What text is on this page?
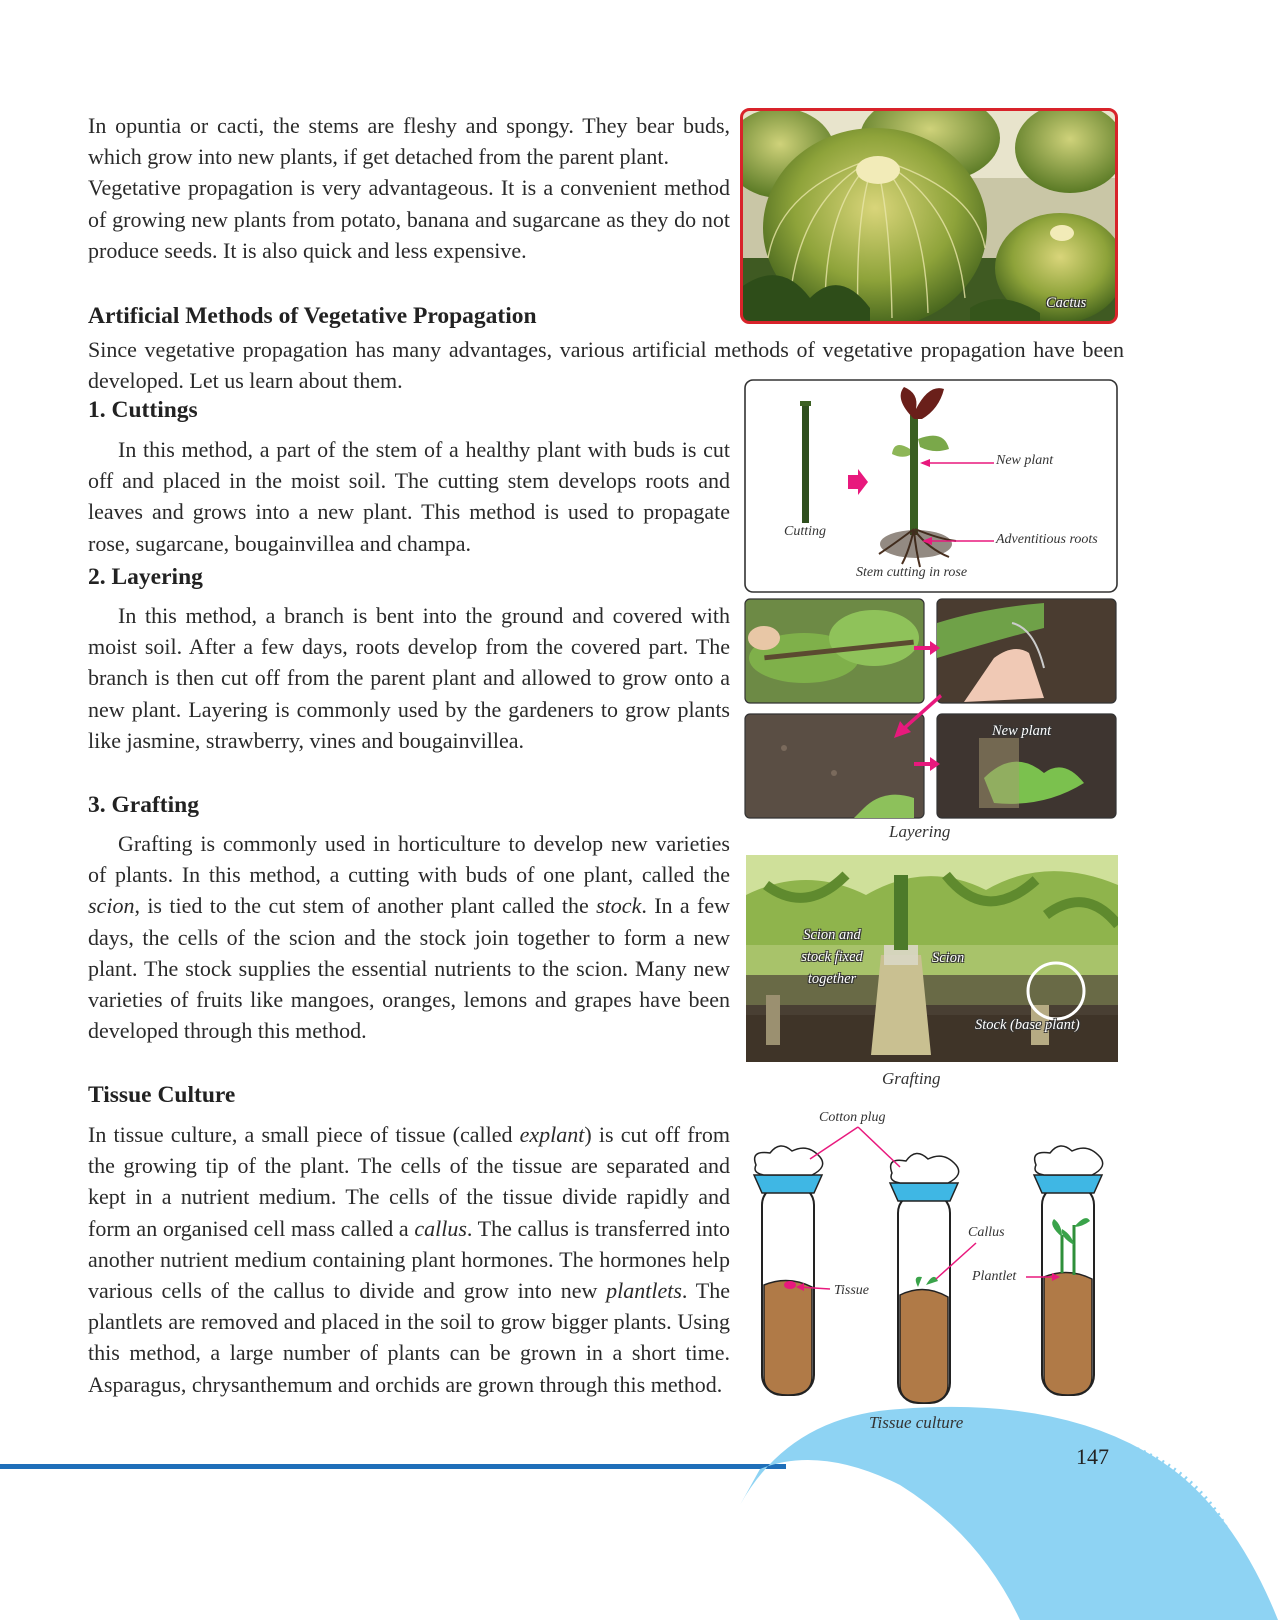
In opuntia or cacti, the stems are fleshy and spongy. They bear buds, which grow into new plants, if get detached from the parent plant.

Vegetative propagation is very advantageous. It is a convenient method of growing new plants from potato, banana and sugarcane as they do not produce seeds. It is also quick and less expensive.

Artificial Methods of Vegetative Propagation
Since vegetative propagation has many advantages, various artificial methods of vegetative propagation have been developed. Let us learn about them.
1. Cuttings

In this method, a part of the stem of a healthy plant with buds is cut off and placed in the moist soil. The cutting stem develops roots and leaves and grows into a new plant. This method is used to propagate rose, sugarcane, bougainvillea and champa.

2. Layering

In this method, a branch is bent into the ground and covered with moist soil. After a few days, roots develop from the covered part. The branch is then cut off from the parent plant and allowed to grow onto a new plant. Layering is commonly used by the gardeners to grow plants like jasmine, strawberry, vines and bougainvillea.

3. Grafting

Grafting is commonly used in horticulture to develop new varieties of plants. In this method, a cutting with buds of one plant, called the scion, is tied to the cut stem of another plant called the stock. In a few days, the cells of the scion and the stock join together to form a new plant. The stock supplies the essential nutrients to the scion. Many new varieties of fruits like mangoes, oranges, lemons and grapes have been developed through this method.

Tissue Culture

In tissue culture, a small piece of tissue (called explant) is cut off from the growing tip of the plant. The cells of the tissue are separated and kept in a nutrient medium. The cells of the tissue divide rapidly and form an organised cell mass called a callus. The callus is transferred into another nutrient medium containing plant hormones. The hormones help various cells of the callus to divide and grow into new plantlets. The plantlets are removed and placed in the soil to grow bigger plants. Using this method, a large number of plants can be grown in a short time. Asparagus, chrysanthemum and orchids are grown through this method.

Cactus
Cutting
New plant
Adventitious roots
Stem cutting in rose
New plant
Layering
Scion and stock fixed together
Scion
Stock (base plant)
Grafting
Cotton plug
Tissue
Callus
Plantlet
Tissue culture
147
